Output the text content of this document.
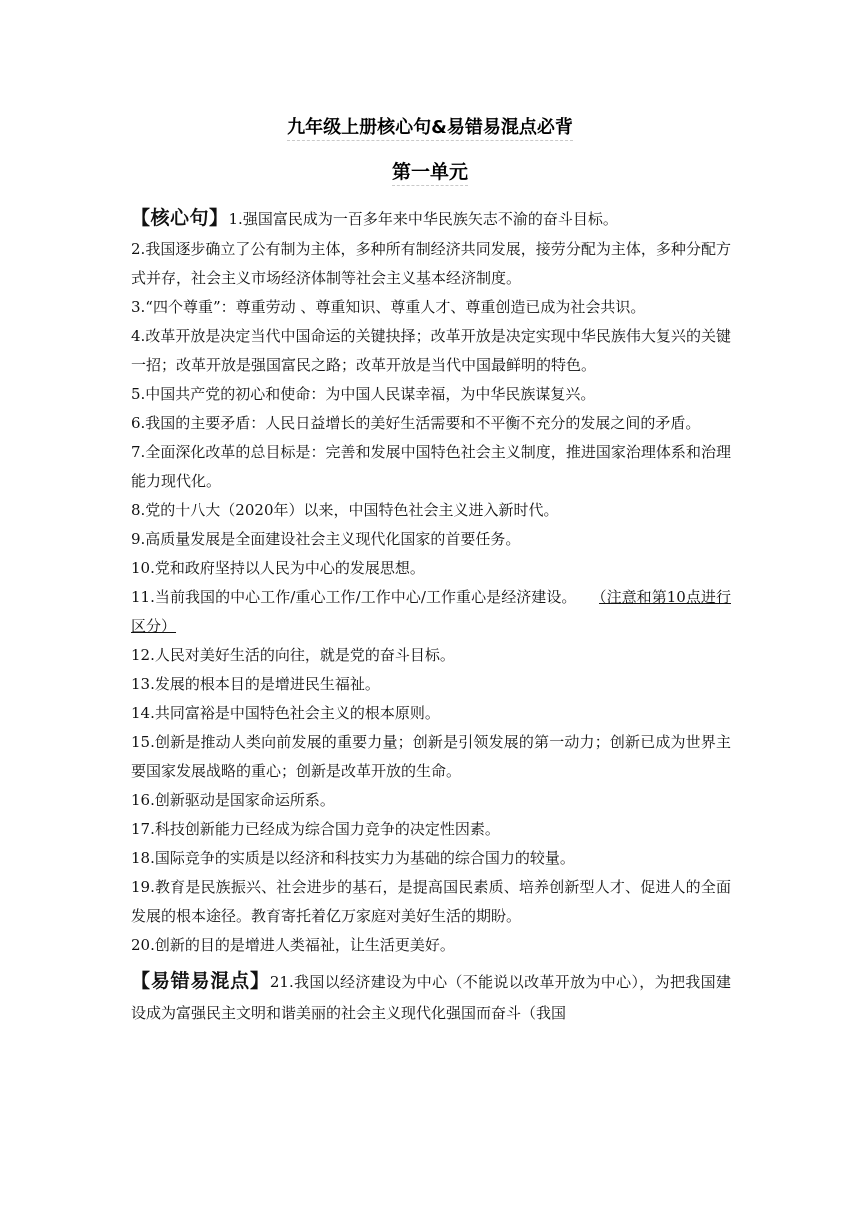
九年级上册核心句&易错易混点必背
第一单元

【核心句】1.强国富民成为一百多年来中华民族矢志不渝的奋斗目标。

2.我国逐步确立了公有制为主体，多种所有制经济共同发展，接劳分配为主体，多种分配方式并存，社会主义市场经济体制等社会主义基本经济制度。

3.“四个尊重”：尊重劳动 、尊重知识、尊重人才、尊重创造已成为社会共识。

4.改革开放是决定当代中国命运的关键抉择；改革开放是决定实现中华民族伟大复兴的关键一招；改革开放是强国富民之路；改革开放是当代中国最鲜明的特色。

5.中国共产党的初心和使命：为中国人民谋幸福，为中华民族谋复兴。

6.我国的主要矛盾：人民日益增长的美好生活需要和不平衡不充分的发展之间的矛盾。

7.全面深化改革的总目标是：完善和发展中国特色社会主义制度，推进国家治理体系和治理能力现代化。

8.党的十八大（2020年）以来，中国特色社会主义进入新时代。

9.高质量发展是全面建设社会主义现代化国家的首要任务。

10.党和政府坚持以人民为中心的发展思想。

11.当前我国的中心工作/重心工作/工作中心/工作重心是经济建设。　　 （注意和第10点进行区分）

12.人民对美好生活的向往，就是党的奋斗目标。

13.发展的根本目的是增进民生福祉。

14.共同富裕是中国特色社会主义的根本原则。

15.创新是推动人类向前发展的重要力量；创新是引领发展的第一动力；创新已成为世界主要国家发展战略的重心；创新是改革开放的生命。

16.创新驱动是国家命运所系。

17.科技创新能力已经成为综合国力竞争的决定性因素。

18.国际竞争的实质是以经济和科技实力为基础的综合国力的较量。

19.教育是民族振兴、社会进步的基石，是提高国民素质、培养创新型人才、促进人的全面发展的根本途径。教育寄托着亿万家庭对美好生活的期盼。

20.创新的目的是增进人类福祉，让生活更美好。

【易错易混点】21.我国以经济建设为中心（不能说以改革开放为中心），为把我国建设成为富强民主文明和谐美丽的社会主义现代化强国而奋斗（我国
